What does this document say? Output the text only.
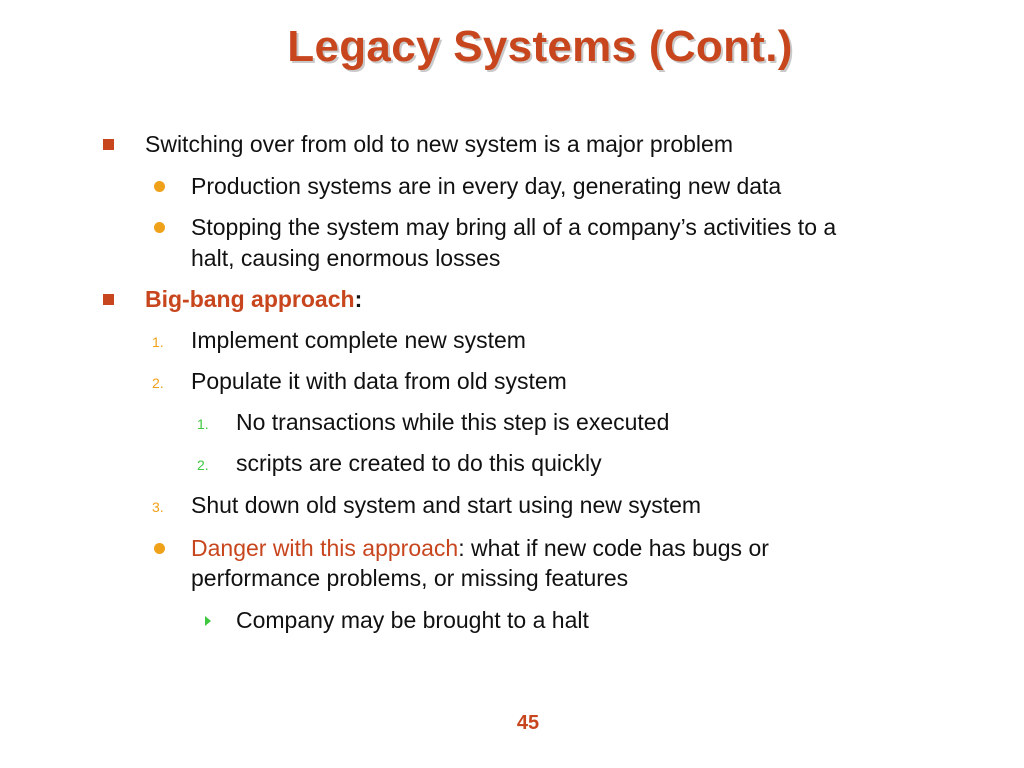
Legacy Systems (Cont.)
Switching over from old to new system is a major problem
Production systems are in every day, generating new data
Stopping the system may bring all of a company’s activities to a
halt, causing enormous losses
Big-bang approach:
1. Implement complete new system
2. Populate it with data from old system
1. No transactions while this step is executed
2. scripts are created to do this quickly
3. Shut down old system and start using new system
Danger with this approach: what if new code has bugs or
performance problems, or missing features
Company may be brought to a halt
45
